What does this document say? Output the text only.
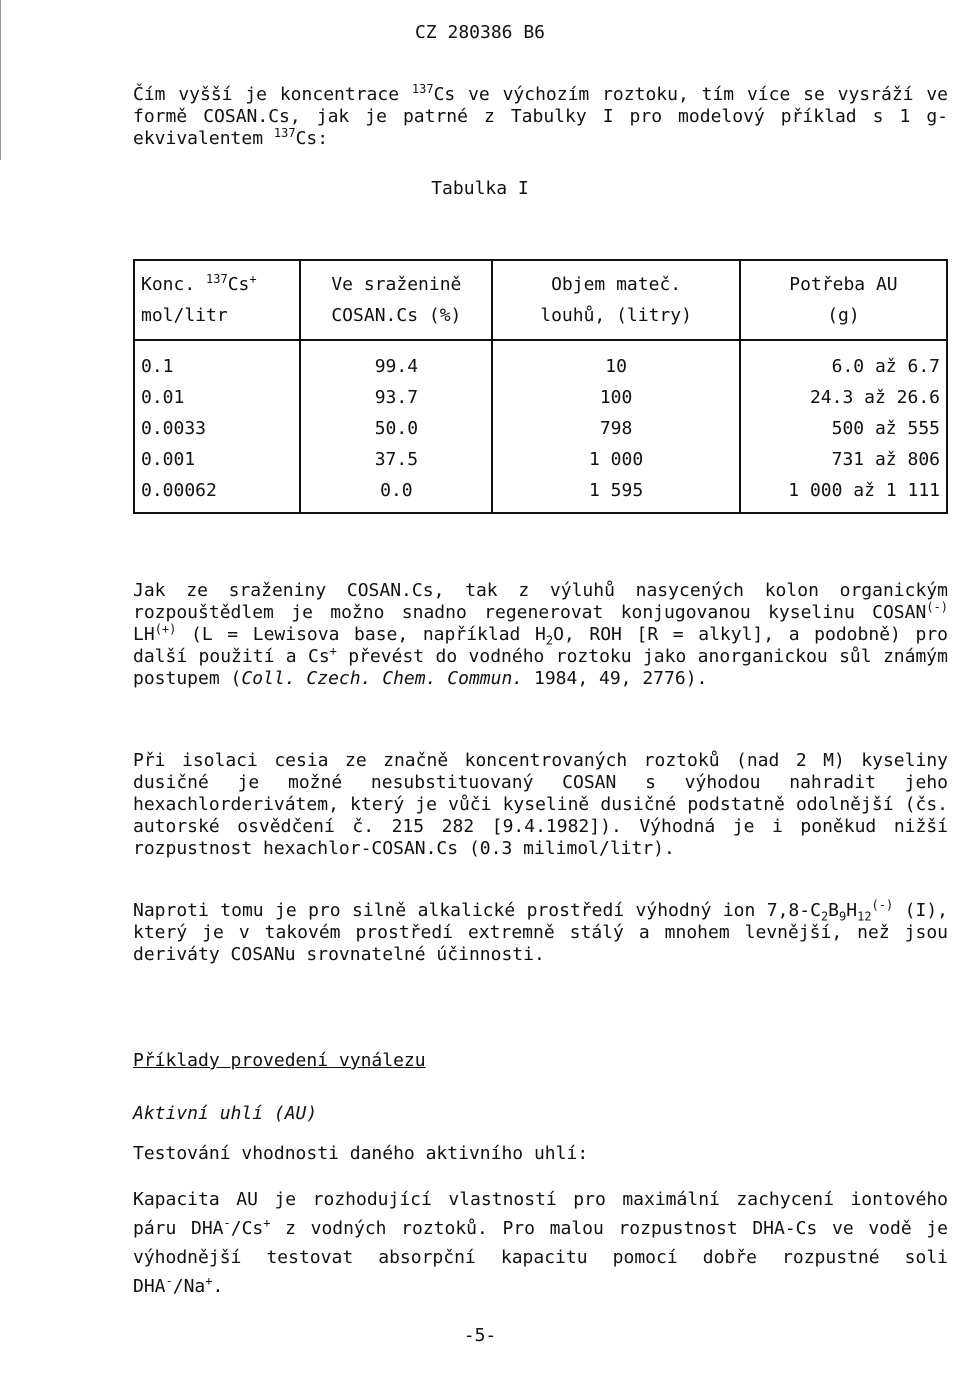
CZ 280386 B6
Čím vyšší je koncentrace $^{137}$Cs ve výchozím roztoku, tím více se vysráží ve formě COSAN.Cs, jak je patrné z Tabulky I pro modelový příklad s 1 g-ekvivalentem $^{137}$Cs:
Tabulka I
Konc. $^{137}$Cs+	Ve sraženině	Objem mateč.	Potřeba AU
mol/litr	COSAN.Cs (%)	louhů, (litry)	(g)
0.1	99.4	10	6.0 až 6.7
0.01	93.7	100	24.3 až 26.6
0.0033	50.0	798	500 až 555
0.001	37.5	1 000	731 až 806
0.00062	0.0	1 595	1 000 až 1 111
Jak ze sraženiny COSAN.Cs, tak z výluhů nasycených kolon organickým rozpouštědlem je možno snadno regenerovat konjugovanou kyselinu COSAN(-) LH(+) (L = Lewisova base, například $H_2O$, ROH [R = alkyl], a podobně) pro další použití a Cs+ převést do vodného roztoku jako anorganickou sůl známým postupem (Coll. Czech. Chem. Commun. 1984, 49, 2776).
Při isolaci cesia ze značně koncentrovaných roztoků (nad 2 M) kyseliny dusičné je možné nesubstituovaný COSAN s výhodou nahradit jeho hexachlorderivátem, který je vůči kyselině dusičné podstatně odolnější (čs. autorské osvědčení č. 215 282 [9.4.1982]). Výhodná je i poněkud nižší rozpustnost hexachlor-COSAN.Cs (0.3 milimol/litr).
Naproti tomu je pro silně alkalické prostředí výhodný ion $7,8-C_2B_9H_{12}^{(-)}$ (I), který je v takovém prostředí extremně stálý a mnohem levnější, než jsou deriváty COSANu srovnatelné účinnosti.
Příklady provedení vynálezu
Aktivní uhlí (AU)
Testování vhodnosti daného aktivního uhlí:
Kapacita AU je rozhodující vlastností pro maximální zachycení iontového páru DHA-/Cs+ z vodných roztoků. Pro malou rozpustnost DHA-Cs ve vodě je výhodnější testovat absorpční kapacitu pomocí dobře rozpustné soli DHA-/Na+.
-5-
